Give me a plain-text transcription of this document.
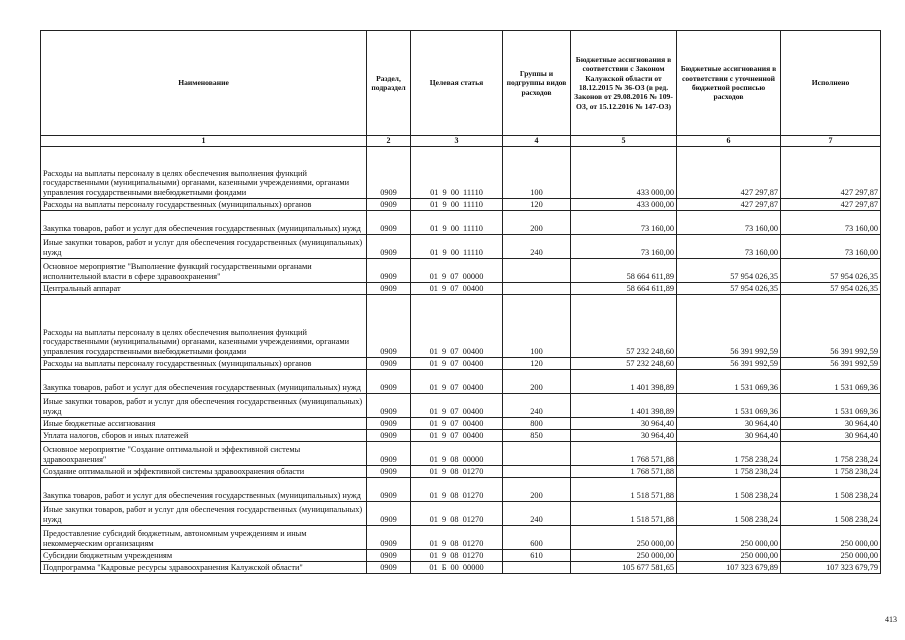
Наименование	Раздел, подраздел	Целевая статья	Группы и подгруппы видов расходов	Бюджетные ассигнования в соответствии с Законом Калужской области от 18.12.2015 № 36-ОЗ (в ред. Законов от 29.08.2016 № 109-ОЗ, от 15.12.2016 № 147-ОЗ)	Бюджетные ассигнования в соответствии с уточненной бюджетной росписью расходов	Исполнено
1	2	3	4	5	6	7
Расходы на выплаты персоналу в целях обеспечения выполнения функций государственными (муниципальными) органами, казенными учреждениями, органами управления государственными внебюджетными фондами	0909	01 9 00 11110	100	433 000,00	427 297,87	427 297,87
Расходы на выплаты персоналу государственных (муниципальных) органов	0909	01 9 00 11110	120	433 000,00	427 297,87	427 297,87
Закупка товаров, работ и услуг для обеспечения государственных (муниципальных) нужд	0909	01 9 00 11110	200	73 160,00	73 160,00	73 160,00
Иные закупки товаров, работ и услуг для обеспечения государственных (муниципальных) нужд	0909	01 9 00 11110	240	73 160,00	73 160,00	73 160,00
Основное мероприятие "Выполнение функций государственными органами исполнительной власти в сфере здравоохранения"	0909	01 9 07 00000		58 664 611,89	57 954 026,35	57 954 026,35
Центральный аппарат	0909	01 9 07 00400		58 664 611,89	57 954 026,35	57 954 026,35
Расходы на выплаты персоналу в целях обеспечения выполнения функций государственными (муниципальными) органами, казенными учреждениями, органами управления государственными внебюджетными фондами	0909	01 9 07 00400	100	57 232 248,60	56 391 992,59	56 391 992,59
Расходы на выплаты персоналу государственных (муниципальных) органов	0909	01 9 07 00400	120	57 232 248,60	56 391 992,59	56 391 992,59
Закупка товаров, работ и услуг для обеспечения государственных (муниципальных) нужд	0909	01 9 07 00400	200	1 401 398,89	1 531 069,36	1 531 069,36
Иные закупки товаров, работ и услуг для обеспечения государственных (муниципальных) нужд	0909	01 9 07 00400	240	1 401 398,89	1 531 069,36	1 531 069,36
Иные бюджетные ассигнования	0909	01 9 07 00400	800	30 964,40	30 964,40	30 964,40
Уплата налогов, сборов и иных платежей	0909	01 9 07 00400	850	30 964,40	30 964,40	30 964,40
Основное мероприятие "Создание оптимальной и эффективной системы здравоохранения"	0909	01 9 08 00000		1 768 571,88	1 758 238,24	1 758 238,24
Создание оптимальной и эффективной системы здравоохранения области	0909	01 9 08 01270		1 768 571,88	1 758 238,24	1 758 238,24
Закупка товаров, работ и услуг для обеспечения государственных (муниципальных) нужд	0909	01 9 08 01270	200	1 518 571,88	1 508 238,24	1 508 238,24
Иные закупки товаров, работ и услуг для обеспечения государственных (муниципальных) нужд	0909	01 9 08 01270	240	1 518 571,88	1 508 238,24	1 508 238,24
Предоставление субсидий бюджетным, автономным учреждениям и иным некоммерческим организациям	0909	01 9 08 01270	600	250 000,00	250 000,00	250 000,00
Субсидии бюджетным учреждениям	0909	01 9 08 01270	610	250 000,00	250 000,00	250 000,00
Подпрограмма "Кадровые ресурсы здравоохранения Калужской области"	0909	01 Б 00 00000		105 677 581,65	107 323 679,89	107 323 679,79
413
